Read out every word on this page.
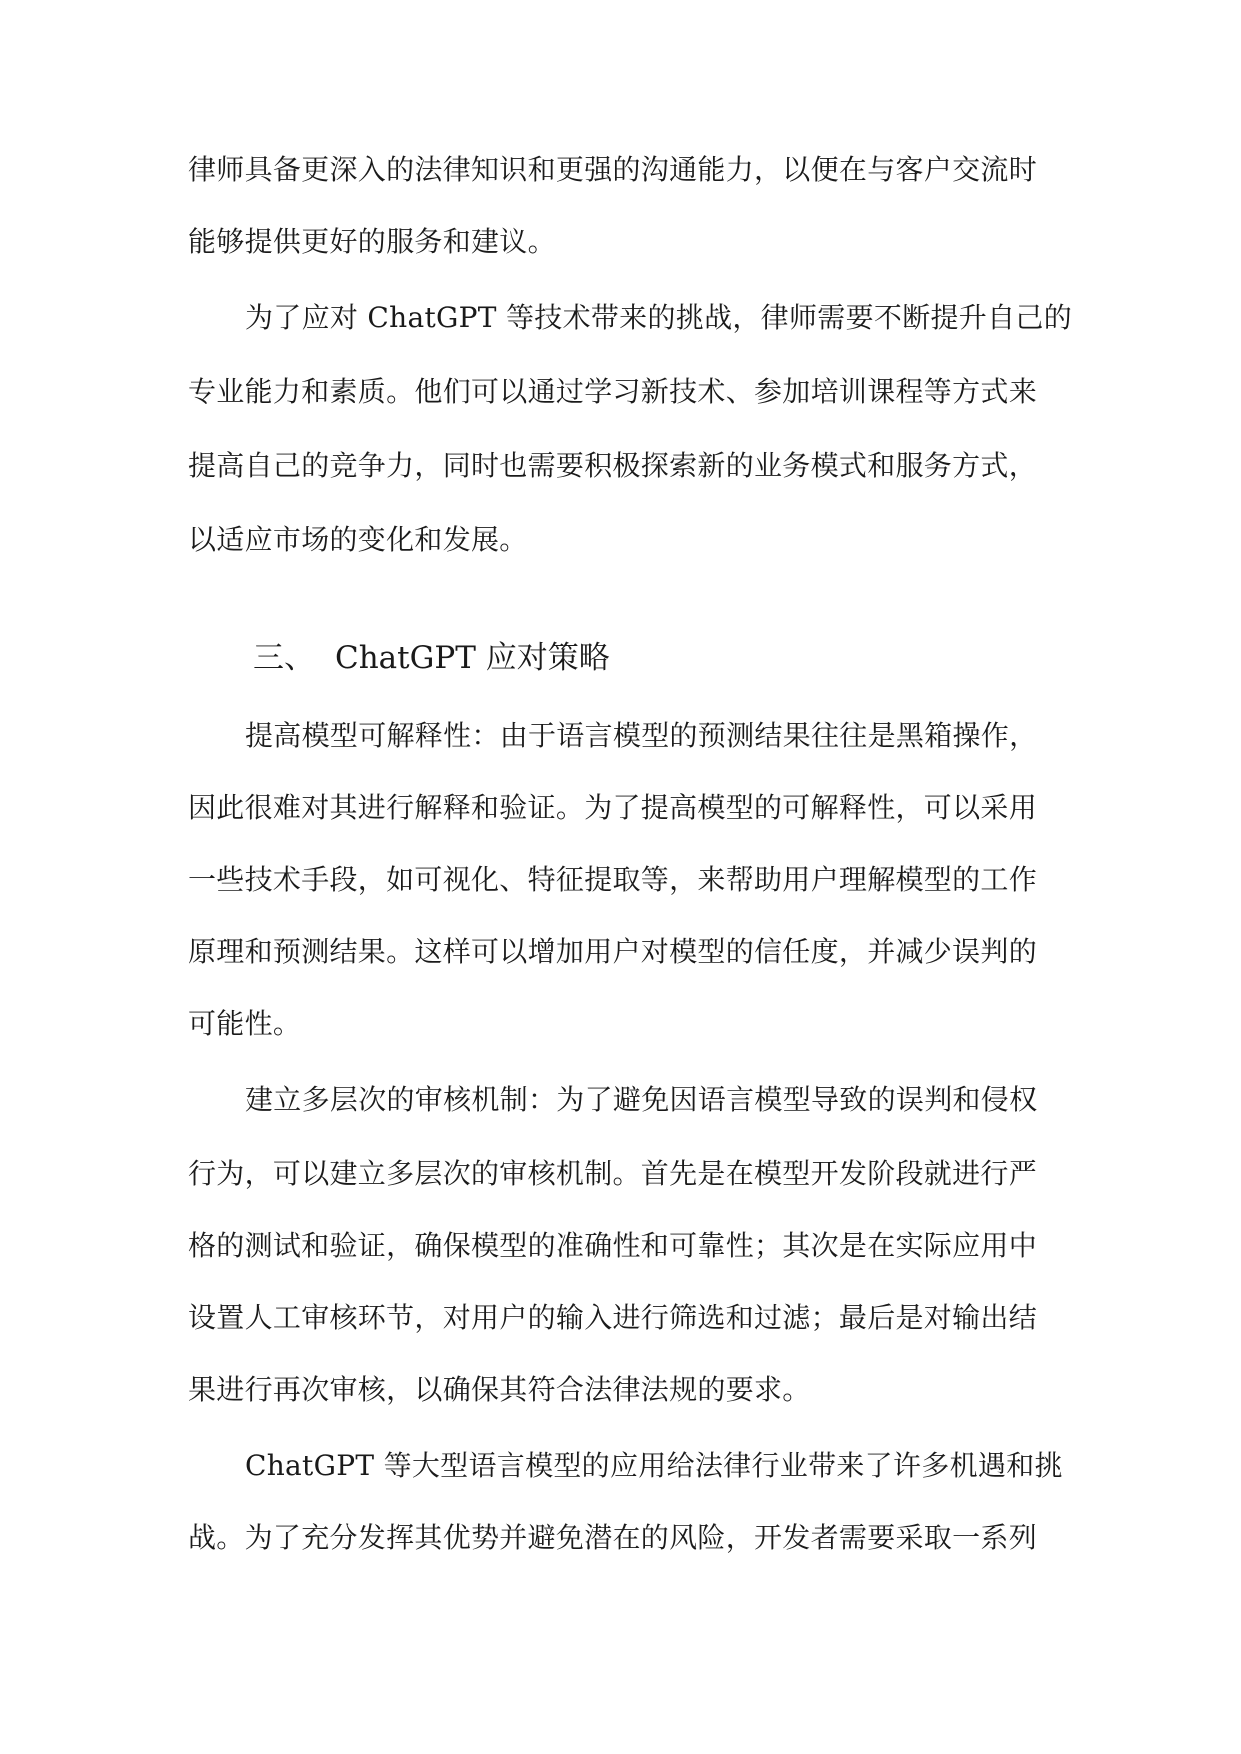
律师具备更深入的法律知识和更强的沟通能力，以便在与客户交流时
能够提供更好的服务和建议。
为了应对 ChatGPT 等技术带来的挑战，律师需要不断提升自己的
专业能力和素质。他们可以通过学习新技术、参加培训课程等方式来
提高自己的竞争力，同时也需要积极探索新的业务模式和服务方式，
以适应市场的变化和发展。
三、 ChatGPT 应对策略
提高模型可解释性：由于语言模型的预测结果往往是黑箱操作，
因此很难对其进行解释和验证。为了提高模型的可解释性，可以采用
一些技术手段，如可视化、特征提取等，来帮助用户理解模型的工作
原理和预测结果。这样可以增加用户对模型的信任度，并减少误判的
可能性。
建立多层次的审核机制：为了避免因语言模型导致的误判和侵权
行为，可以建立多层次的审核机制。首先是在模型开发阶段就进行严
格的测试和验证，确保模型的准确性和可靠性；其次是在实际应用中
设置人工审核环节，对用户的输入进行筛选和过滤；最后是对输出结
果进行再次审核，以确保其符合法律法规的要求。
ChatGPT 等大型语言模型的应用给法律行业带来了许多机遇和挑
战。为了充分发挥其优势并避免潜在的风险，开发者需要采取一系列
